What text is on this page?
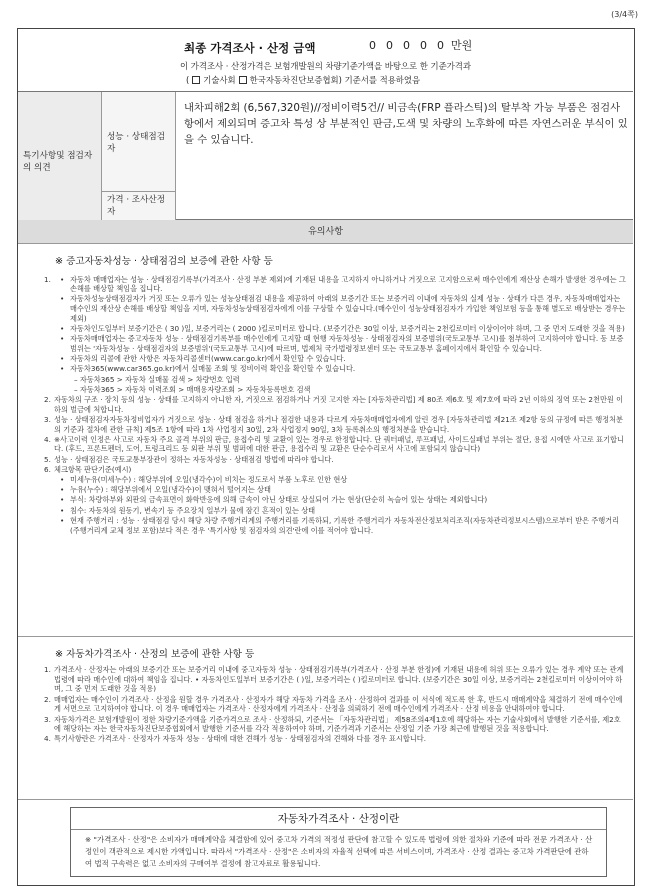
(3/4쪽)
최종 가격조사 · 산정 금액	0 0 0 0 0 만원
이 가격조사 · 산정가격은 보험개발원의 차량기준가액을 바탕으로 한 기준가격과
( 기술사회 한국자동차진단보증협회 ) 기준서를 적용하였음
특기사항및 점검자의 의견
성능 · 상태점검자
가격 · 조사산정자
내차피해2회 (6,567,320원)//정비이력5건// 비금속(FRP 플라스틱)의 탈부착 가능 부품은 점검사항에서 제외되며 증고차 특성 상 부분적인 판금,도색 및 차량의 노후화에 따른 자연스러운 부식이 있을 수 있습니다.
유의사항
※ 증고자동차성능 · 상태점검의 보증에 관한 사항 등
1. • 자동차 매매업자는 성능 · 상태점검기록부(가격조사 · 산정 부분 제외)에 기재된 내용을 고지하지 아니하거나 거짓으로 고지함으로써 매수인에게 재산상 손해가 발생한 경우에는 그 손해를 배상할 책임을 집니다.
• 자동차성능상태점검자가 거짓 또는 오류가 있는 성능상태점검 내용을 제공하여 아래의 보증기간 또는 보증거리 이내에 자동차의 실제 성능 · 상태가 다른 경우, 자동차매매업자는 매수인의 재산상 손해를 배상할 책임을 지며, 자동차성능상태점검자에게 이를 구상할 수 있습니다.(매수인이 성능상태점검자가 가입한 책임보험 등을 통해 별도로 배상받는 경우는 제외)
• 자동차인도일부터 보증기간은 ( 30 )일, 보증거리는 ( 2000 )킬로미터로 합니다. (보증기간은 30일 이상, 보증거리는 2천킬로미터 이상이어야 하며, 그 중 먼저 도래한 것을 적용)
• 자동차매매업자는 증고자동차 성능 · 상태점검기록부를 매수인에게 고지할 때 현행 자동차성능 · 상태점검자의 보증범위(국토교통부 고시)를 첨부하여 고지하여야 합니다. 동 보증범위는 '자동차성능 · 상태점검자의 보증범위'(국토교통부 고시)에 따르며, 법제처 국가법령정보센터 또는 국토교통부 홈페이지에서 확인할 수 있습니다.
• 자동차의 리콜에 관한 사항은 자동차리콜센터(www.car.go.kr)에서 확인할 수 있습니다.
• 자동차365(www.car365.go.kr)에서 실매물 조회 및 정비이력 확인을 확인할 수 있습니다.
– 자동차365 > 자동차 실매물 검색 > 차량번호 입력
– 자동차365 > 자동차 이력조회 > 매매용자량조회 > 자동차등록번호 검색
2. 자동차의 구조 · 장치 등의 성능 · 상태를 고지하지 아니한 자, 거짓으로 점검하거나 거짓 고지한 자는 [자동차관리법] 제 80조 제6호 및 제7호에 따라 2년 이하의 징역 또는 2천만원 이하의 벌금에 처합니다.
3. 성능 · 상태점검자자동차정비업자가 거짓으로 성능 · 상태 점검을 하거나 점검한 내용과 다르게 자동차매매업자에게 알린 경우 [자동차관리법 제21조 제2항 등의 규정에 따른 행정처분의 기준과 절차에 관한 규칙] 제5조 1항에 따라 1차 사업정지 30일, 2차 사업정지 90일, 3차 등록취소의 행정처분을 받습니다.
4. ※사고이력 인정은 사고로 자동차 주요 골격 부위의 판금, 용접수리 및 교환이 있는 경우로 한정합니다. 단 쿼터패널, 루프패널, 사이드실패널 부위는 절단, 용접 시에만 사고로 표기합니다. (후드, 프론트펜더, 도어, 트렁크리드 등 외판 부위 및 범퍼에 대한 판금, 용접수리 및 교환은 단순수리로서 사고에 포함되지 않습니다)
5. 성능 · 상태점검은 국토교통부장관이 정하는 자동차성능 · 상태점검 방법에 따라야 합니다.
6. 체크항목 판단기준(예시)
• 미세누유(미세누수) : 해당부위에 오일(냉각수)이 비치는 정도로서 부품 노후로 인한 현상
• 누유(누수) : 해당부위에서 오일(냉각수)이 맺혀서 떨어지는 상태
• 부식: 차량하부와 외판의 금속표면이 화학반응에 의해 금속이 아닌 상태로 상실되어 가는 현상(단순히 녹슬어 있는 상태는 제외합니다)
• 침수: 자동차의 원동기, 변속기 등 주요장치 일부가 물에 잠긴 흔적이 있는 상태
• 현재 주행거리 : 성능 · 상태점검 당시 해당 차량 주행거리계의 주행거리를 기록하되, 기록한 주행거리가 자동차전산정보처리조직(자동차관리정보시스템)으로부터 받은 주행거리(주행거리계 교체 정보 포함)보다 적은 경우 '특기사항 및 점검자의 의견'란에 이를 적어야 합니다.
※ 자동차가격조사 · 산정의 보증에 관한 사항 등
1. 가격조사 · 산정자는 아래의 보증기간 또는 보증거리 이내에 중고자동차 성능 · 상태점검기록부(가격조사 · 산정 부분 한정)에 기재된 내용에 허위 또는 오류가 있는 경우 계약 또는 관계법령에 따라 매수인에 대하여 책임을 집니다. • 자동차인도일부터 보증기간은 ( )일, 보증거리는 ( )킬로미터로 합니다. (보증기간은 30일 이상, 보증거리는 2천킬로미터 이상이어야 하며, 그 중 먼저 도래한 것을 적용)
2. 매매업자는 매수인이 가격조사 · 산정을 원할 경우 가격조사 · 산정자가 해당 자동차 가격을 조사 · 산정하여 결과를 이 서식에 적도록 한 후, 반드시 매매계약을 체결하기 전에 매수인에게 서면으로 고지하여야 합니다. 이 경우 매매업자는 가격조사 · 산정자에게 가격조사 · 산정을 의뢰하기 전에 매수인에게 가격조사 · 산정 비용을 안내하여야 합니다.
3. 자동차가격은 보험개발원이 정한 차량기준가액을 기준가격으로 조사 · 산정하되, 기준서는 「자동차관리법」 제58조의4제1호에 해당하는 자는 기술사회에서 발행한 기준서를, 제2호에 해당하는 자는 한국자동차진단보증협회에서 발행한 기준서를 각각 적용하여야 하며, 기준가격과 기준서는 산정일 기준 가장 최근에 발행된 것을 적용합니다.
4. 특기사항란은 가격조사 · 산정자가 자동차 성능 · 상태에 대한 견해가 성능 · 상태점검자의 견해와 다를 경우 표시합니다.
자동차가격조사 · 산정이란
※ "가격조사 · 산정"은 소비자가 매매계약을 체결함에 있어 중고차 가격의 적정성 판단에 참고할 수 있도록 법령에 의한 절차와 기준에 따라 전문 가격조사 · 산정인이 객관적으로 제시한 가액입니다. 따라서 "가격조사 · 산정"은 소비자의 자율적 선택에 따른 서비스이며, 가격조사 · 산정 결과는 중고차 가격판단에 관하여 법적 구속력은 없고 소비자의 구매여부 결정에 참고자료로 활용됩니다.
